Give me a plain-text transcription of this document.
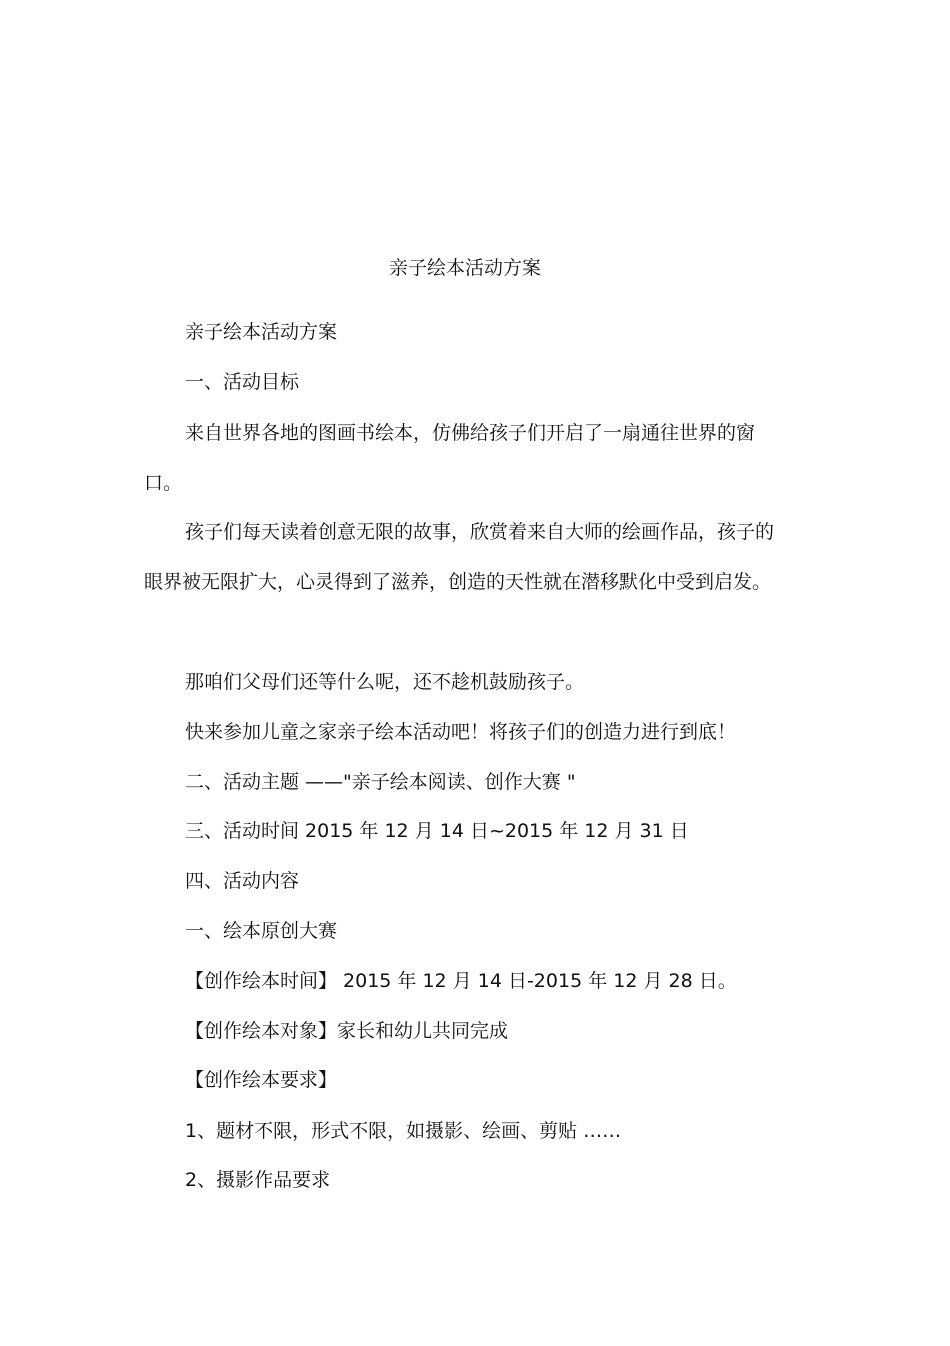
亲子绘本活动方案

亲子绘本活动方案

一、活动目标

来自世界各地的图画书绘本，仿佛给孩子们开启了一扇通往世界的窗口。

孩子们每天读着创意无限的故事，欣赏着来自大师的绘画作品，孩子的眼界被无限扩大，心灵得到了滋养，创造的天性就在潜移默化中受到启发。

那咱们父母们还等什么呢，还不趁机鼓励孩子。

快来参加儿童之家亲子绘本活动吧！将孩子们的创造力进行到底！

二、活动主题 ——"亲子绘本阅读、创作大赛 "

三、活动时间 2015 年 12 月 14 日~2015 年 12 月 31 日

四、活动内容

一、绘本原创大赛

【创作绘本时间】 2015 年 12 月 14 日-2015 年 12 月 28 日。

【创作绘本对象】家长和幼儿共同完成

【创作绘本要求】

1、题材不限，形式不限，如摄影、绘画、剪贴 ……

2、摄影作品要求
